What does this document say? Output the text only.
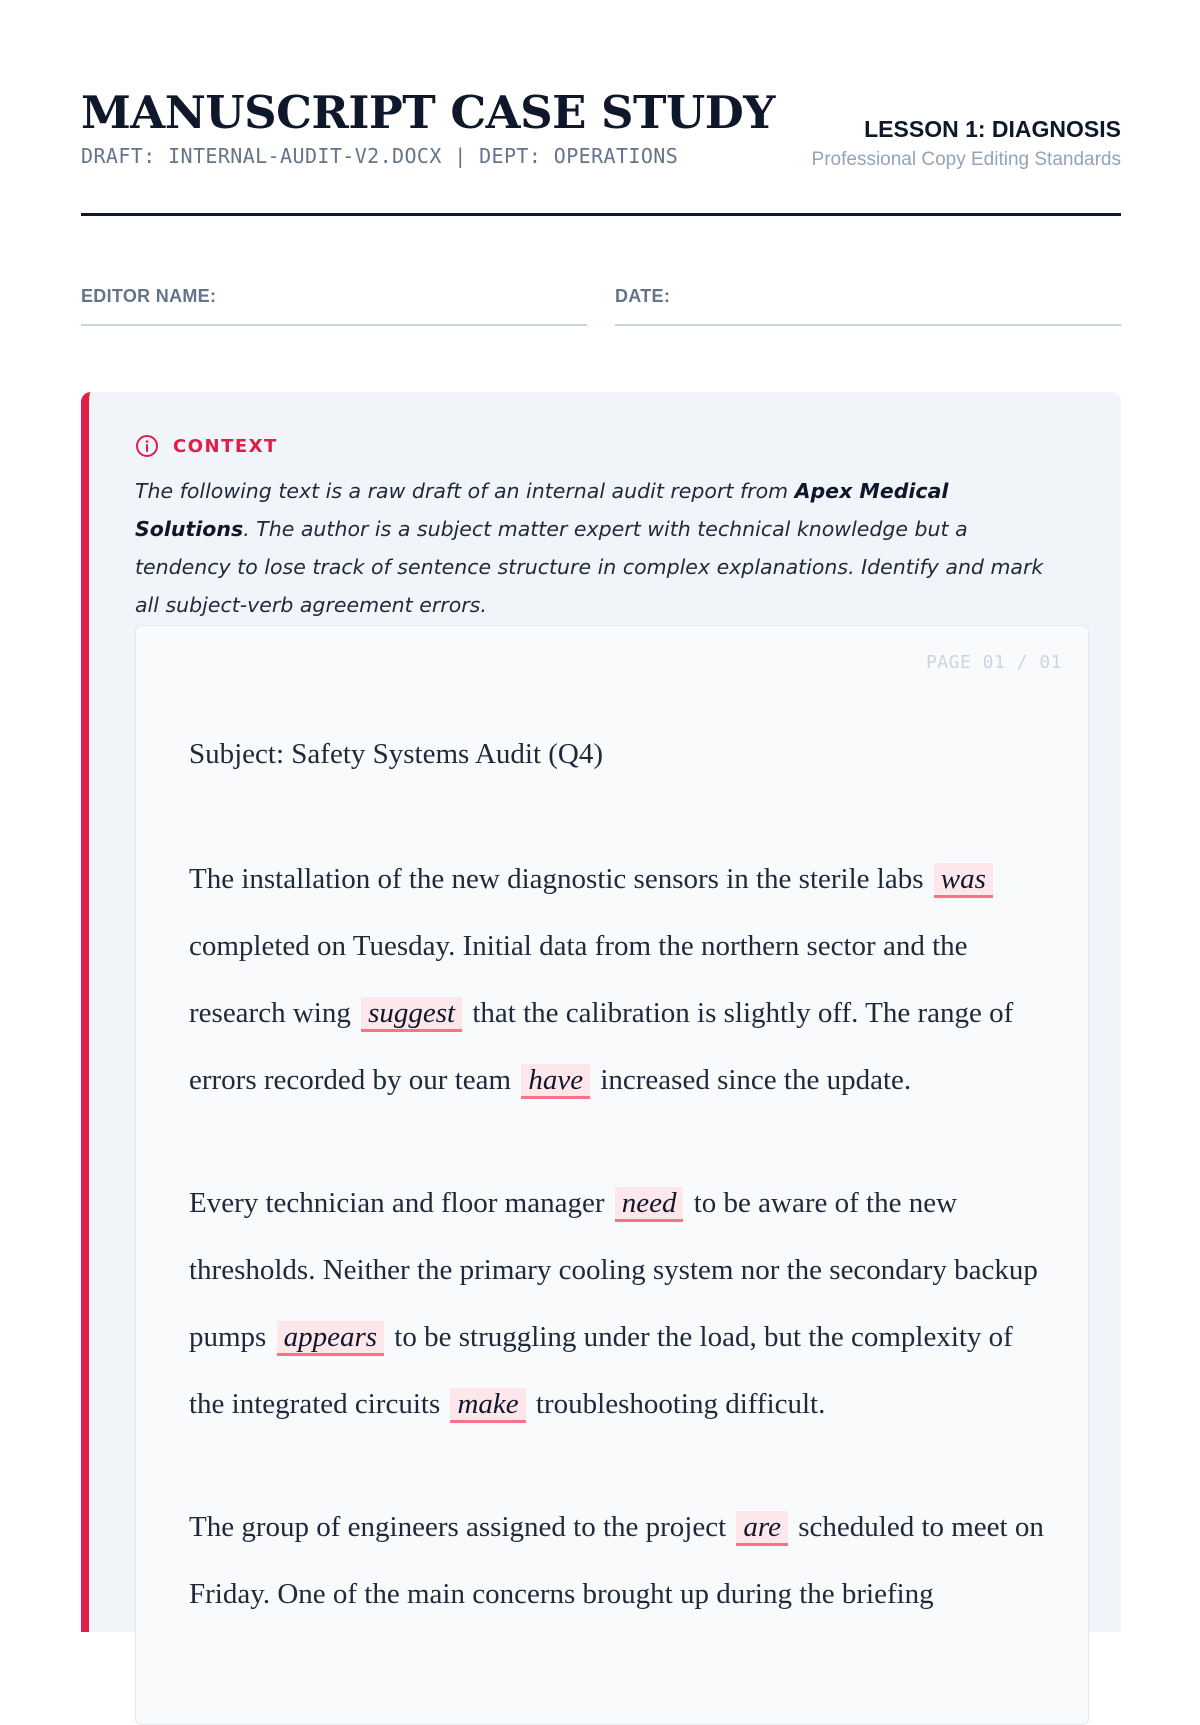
MANUSCRIPT CASE STUDY
DRAFT: INTERNAL-AUDIT-V2.DOCX | DEPT: OPERATIONS
LESSON 1: DIAGNOSIS
Professional Copy Editing Standards
EDITOR NAME:	DATE:
CONTEXT
The following text is a raw draft of an internal audit report from Apex Medical Solutions. The author is a subject matter expert with technical knowledge but a tendency to lose track of sentence structure in complex explanations. Identify and mark all subject-verb agreement errors.
PAGE 01 / 01
Subject: Safety Systems Audit (Q4)

The installation of the new diagnostic sensors in the sterile labs was completed on Tuesday. Initial data from the northern sector and the research wing suggest that the calibration is slightly off. The range of errors recorded by our team have increased since the update.

Every technician and floor manager need to be aware of the new thresholds. Neither the primary cooling system nor the secondary backup pumps appears to be struggling under the load, but the complexity of the integrated circuits make troubleshooting difficult.

The group of engineers assigned to the project are scheduled to meet on Friday. One of the main concerns brought up during the briefing
